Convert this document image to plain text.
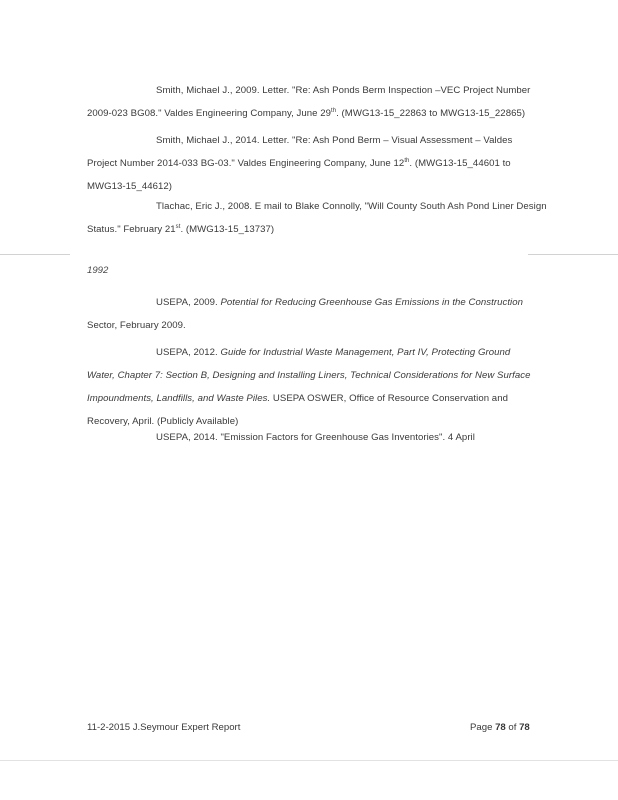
Smith, Michael J., 2009. Letter. "Re: Ash Ponds Berm Inspection –VEC Project Number
2009-023 BG08." Valdes Engineering Company, June 29th. (MWG13-15_22863 to MWG13-15_22865)
Smith, Michael J., 2014. Letter. "Re: Ash Pond Berm – Visual Assessment – Valdes
Project Number 2014-033 BG-03." Valdes Engineering Company, June 12th. (MWG13-15_44601 to
MWG13-15_44612)
Tlachac, Eric J., 2008. E mail to Blake Connolly, "Will County South Ash Pond Liner Design
Status." February 21st. (MWG13-15_13737)
1992
USEPA, 2009. Potential for Reducing Greenhouse Gas Emissions in the Construction
Sector, February 2009.
USEPA, 2012. Guide for Industrial Waste Management, Part IV, Protecting Ground
Water, Chapter 7: Section B, Designing and Installing Liners, Technical Considerations for New Surface
Impoundments, Landfills, and Waste Piles. USEPA OSWER, Office of Resource Conservation and
Recovery, April. (Publicly Available)
USEPA, 2014. "Emission Factors for Greenhouse Gas Inventories". 4 April
11-2-2015 J.Seymour Expert Report	Page 78 of 78
